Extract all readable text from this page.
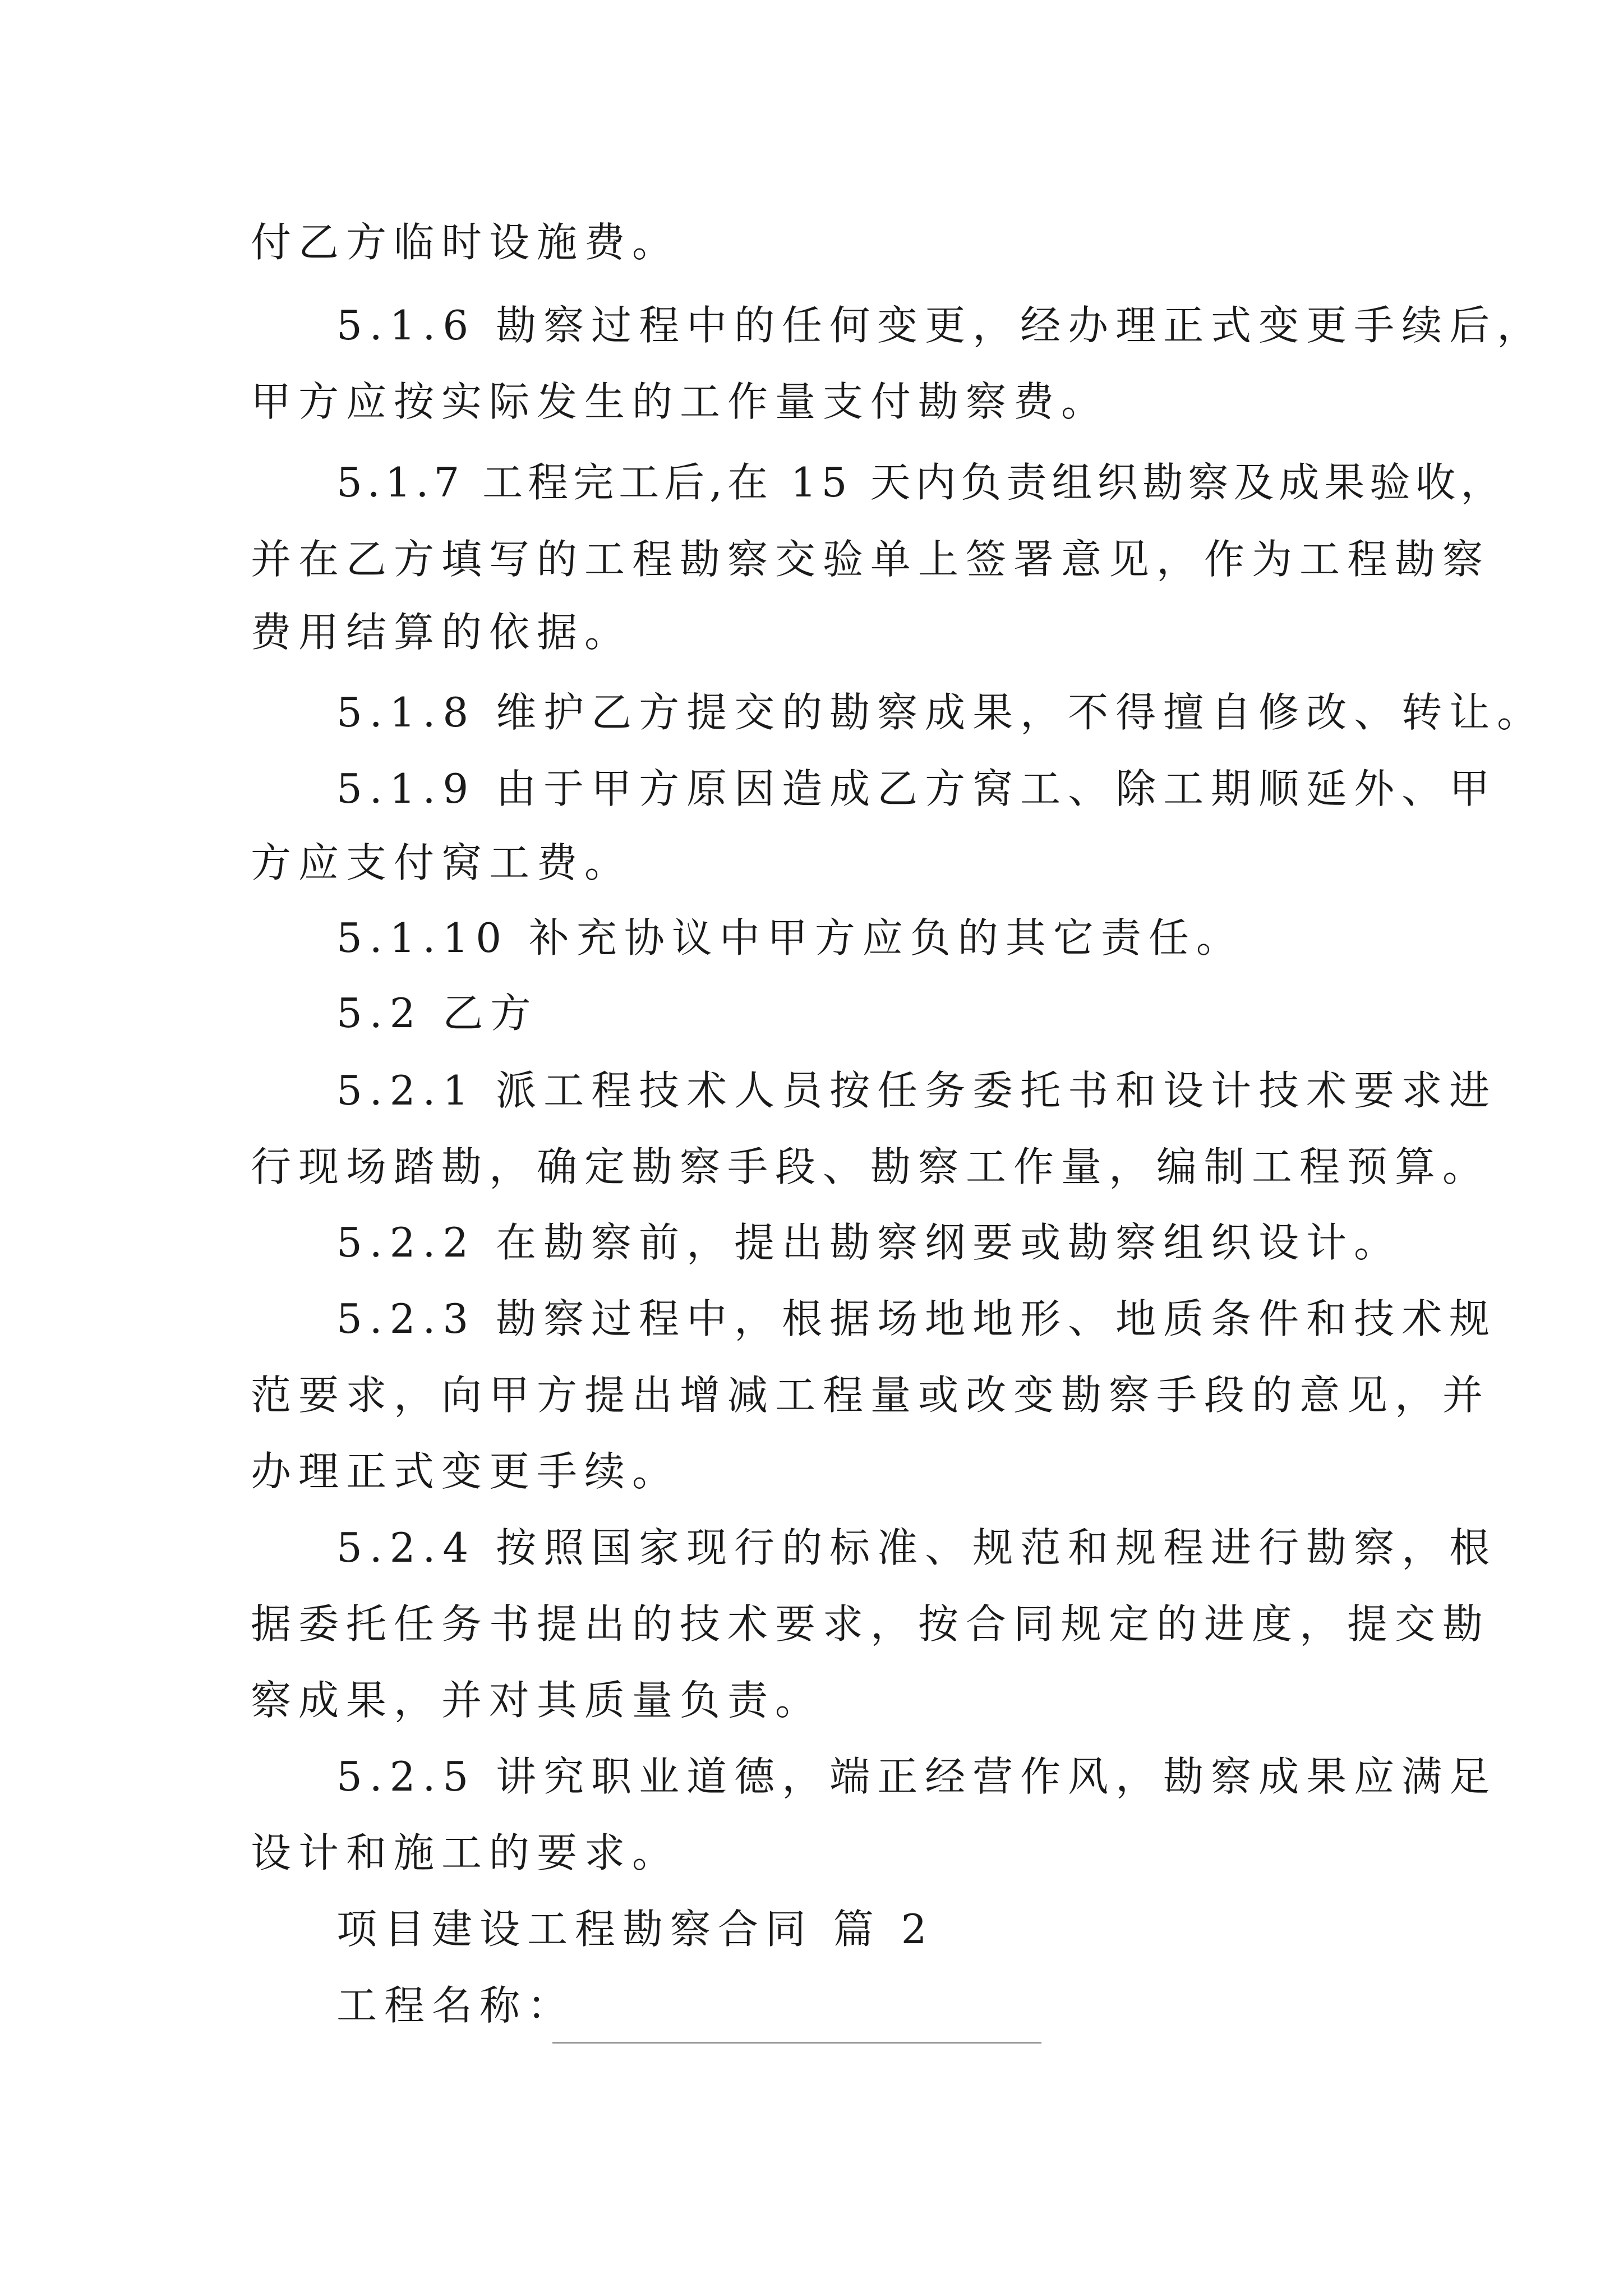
付乙方临时设施费。
5.1.6 勘察过程中的任何变更，经办理正式变更手续后，
甲方应按实际发生的工作量支付勘察费。
5.1.7 工程完工后,在 15 天内负责组织勘察及成果验收，
并在乙方填写的工程勘察交验单上签署意见，作为工程勘察
费用结算的依据。
5.1.8 维护乙方提交的勘察成果，不得擅自修改、转让。
5.1.9 由于甲方原因造成乙方窝工、除工期顺延外、甲
方应支付窝工费。
5.1.10 补充协议中甲方应负的其它责任。
5.2 乙方
5.2.1 派工程技术人员按任务委托书和设计技术要求进
行现场踏勘，确定勘察手段、勘察工作量，编制工程预算。
5.2.2 在勘察前，提出勘察纲要或勘察组织设计。
5.2.3 勘察过程中，根据场地地形、地质条件和技术规
范要求，向甲方提出增减工程量或改变勘察手段的意见，并
办理正式变更手续。
5.2.4 按照国家现行的标准、规范和规程进行勘察，根
据委托任务书提出的技术要求，按合同规定的进度，提交勘
察成果，并对其质量负责。
5.2.5 讲究职业道德，端正经营作风，勘察成果应满足
设计和施工的要求。
项目建设工程勘察合同 篇 2
工程名称：
